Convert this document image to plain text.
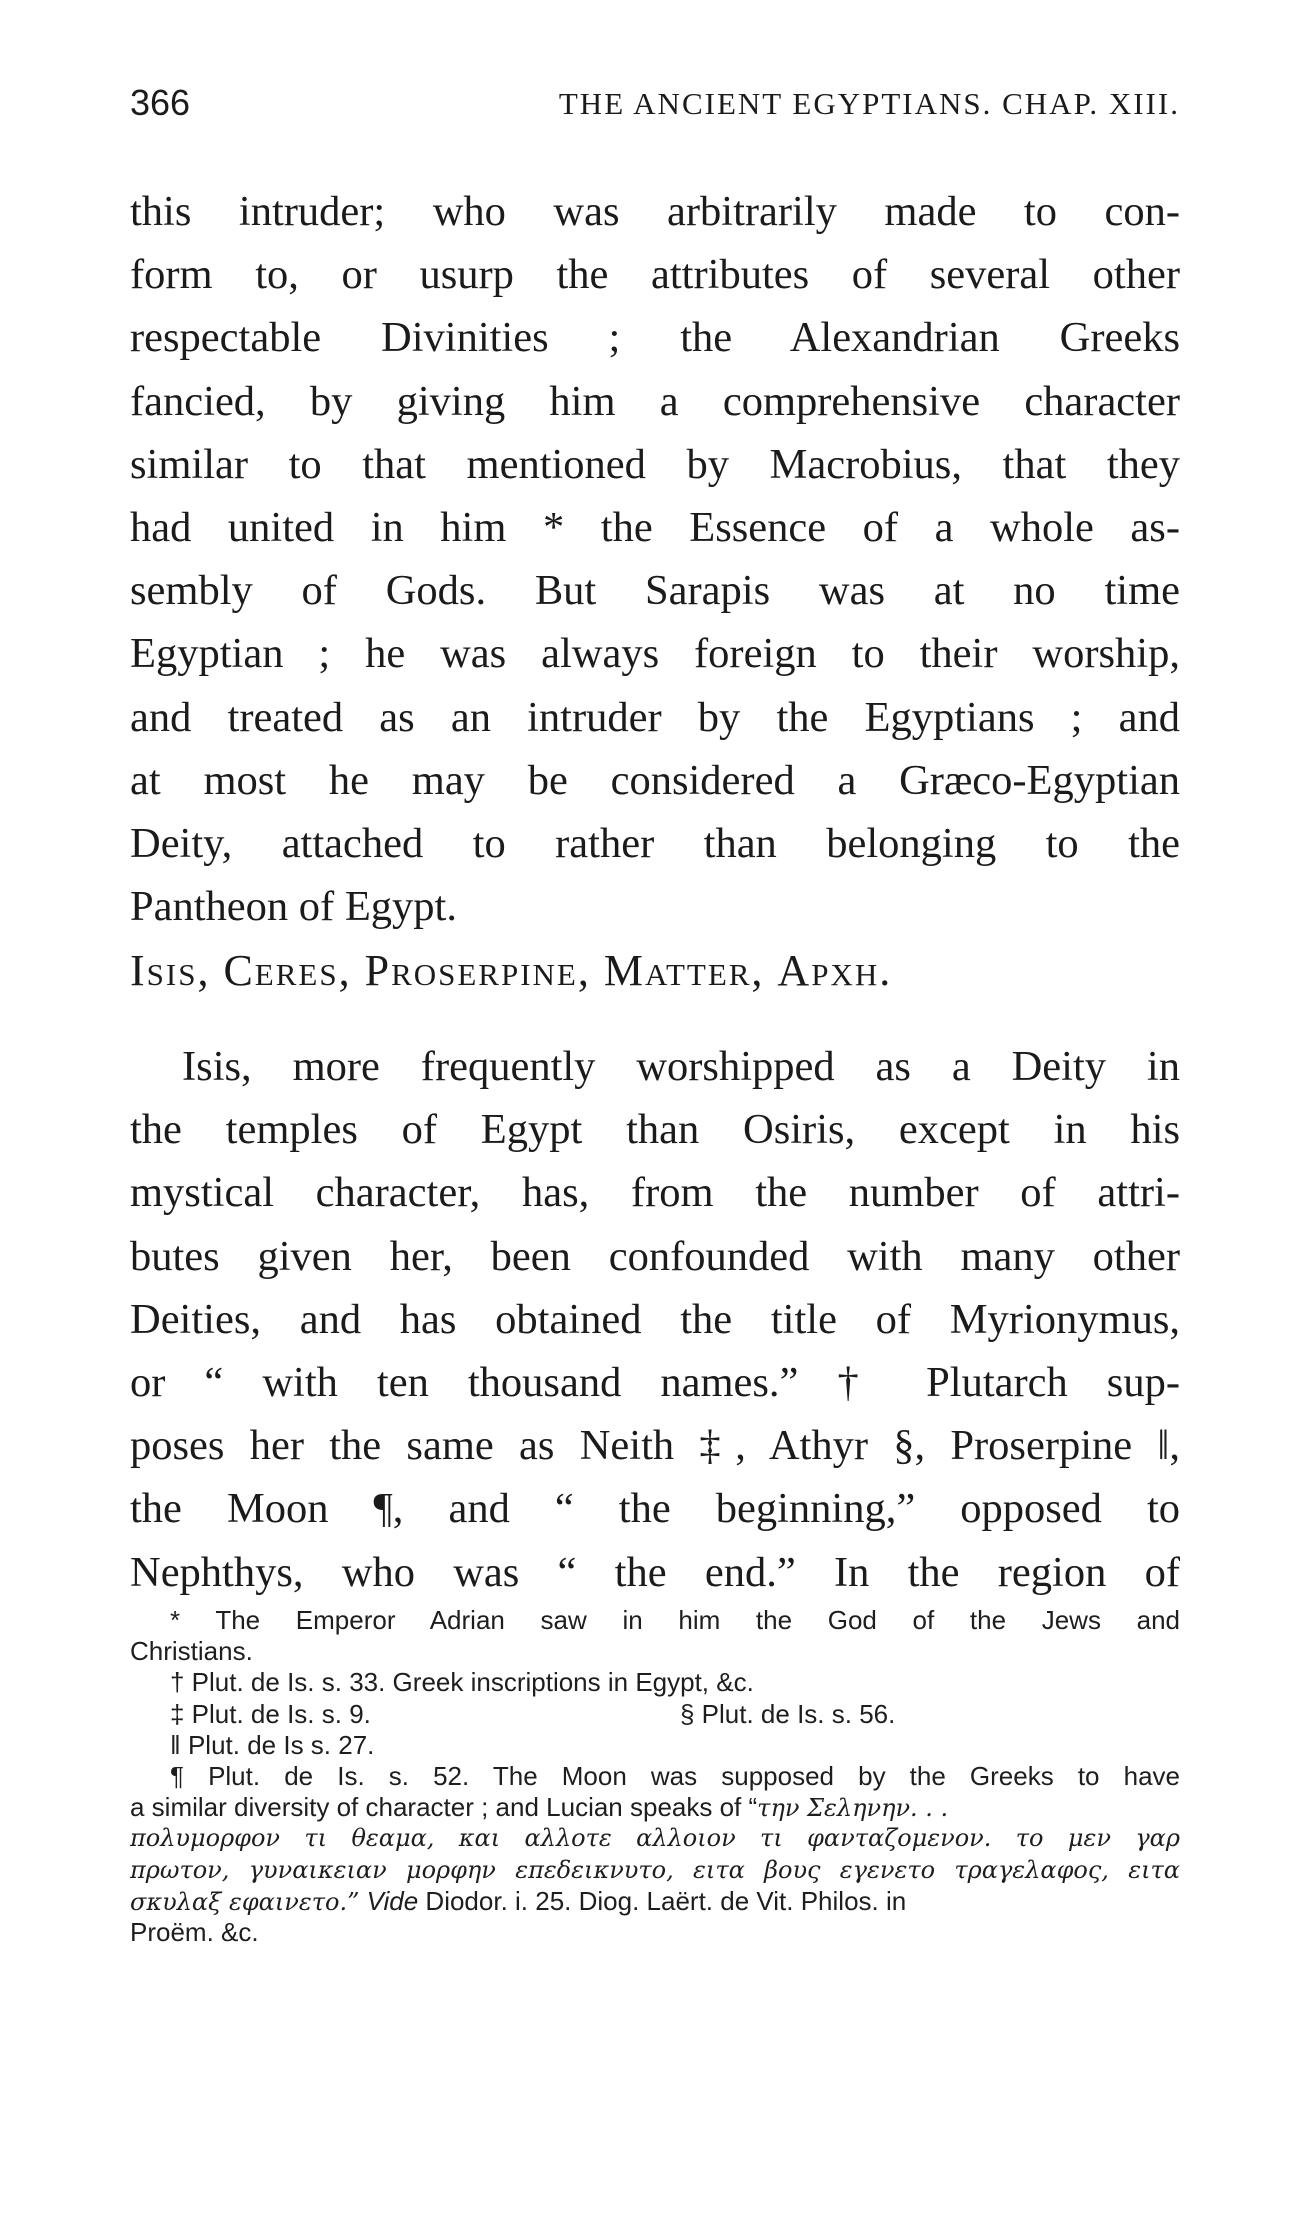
366	THE ANCIENT EGYPTIANS. CHAP. XIII.
this intruder; who was arbitrarily made to con-
form to, or usurp the attributes of several other
respectable Divinities ; the Alexandrian Greeks
fancied, by giving him a comprehensive character
similar to that mentioned by Macrobius, that they
had united in him * the Essence of a whole as-
sembly of Gods. But Sarapis was at no time
Egyptian ; he was always foreign to their worship,
and treated as an intruder by the Egyptians ; and
at most he may be considered a Græco-Egyptian
Deity, attached to rather than belonging to the
Pantheon of Egypt.
Isis, Ceres, Proserpine, Matter, Αρχη.
Isis, more frequently worshipped as a Deity in
the temples of Egypt than Osiris, except in his
mystical character, has, from the number of attri-
butes given her, been confounded with many other
Deities, and has obtained the title of Myrionymus,
or “ with ten thousand names.” † Plutarch sup-
poses her the same as Neith ‡, Athyr §, Proserpine ‖,
the Moon ¶, and “ the beginning,” opposed to
Nephthys, who was “ the end.” In the region of
* The Emperor Adrian saw in him the God of the Jews and
Christians.
† Plut. de Is. s. 33. Greek inscriptions in Egypt, &c.
‡ Plut. de Is. s. 9.	§ Plut. de Is. s. 56.
‖ Plut. de Is s. 27.
¶ Plut. de Is. s. 52. The Moon was supposed by the Greeks to have
a similar diversity of character ; and Lucian speaks of “την Σεληνην. . .
πολυμορφον τι θεαμα, και αλλοτε αλλοιον τι φανταζομενον. το μεν γαρ
πρωτον, γυναικειαν μορφην επεδεικνυτο, ειτα βους εγενετο τραγελαφος, ειτα
σκυλαξ εφαινετο.” Vide Diodor. i. 25. Diog. Laërt. de Vit. Philos. in
Proëm. &c.
